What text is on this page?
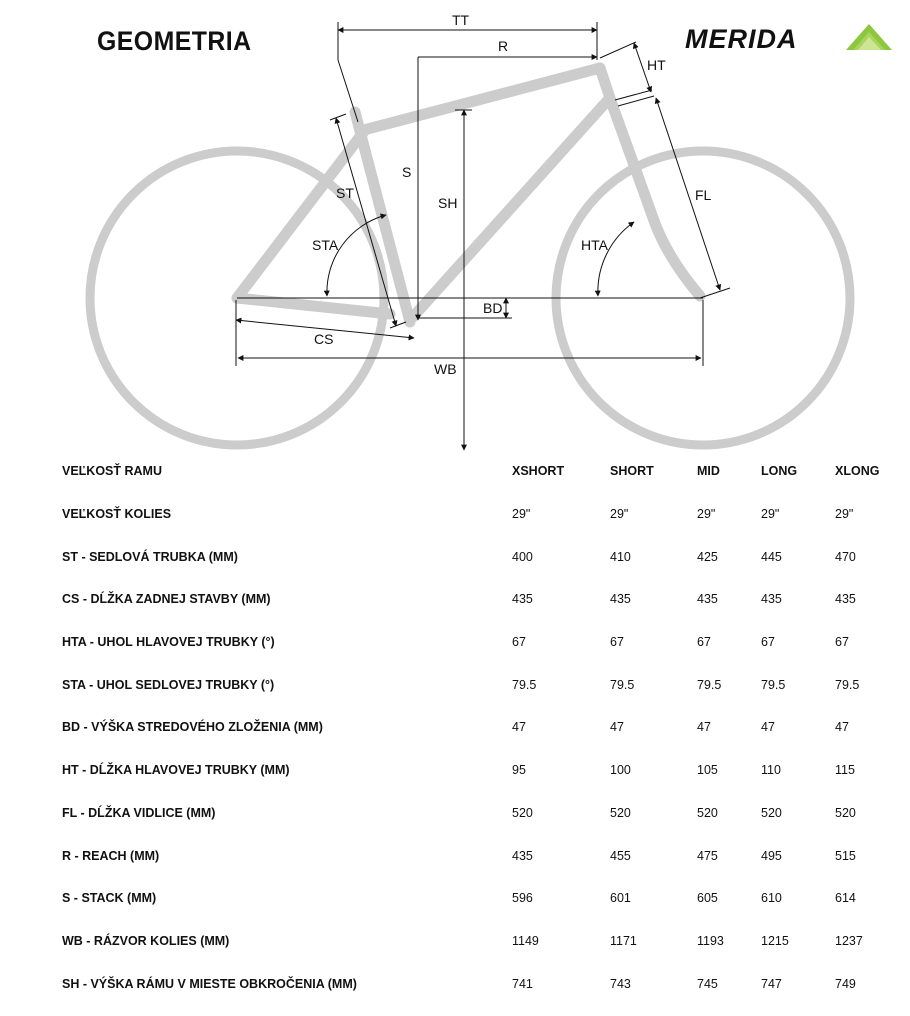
GEOMETRIA	MERIDA
TT
R
HT
S
SH
ST
STA	HTA
FL
BD
CS
WB
VEĽKOSŤ RAMU	XSHORT	SHORT	MID	LONG	XLONG
VEĽKOSŤ KOLIES	29"	29"	29"	29"	29"
ST - SEDLOVÁ TRUBKA (MM)	400	410	425	445	470
CS - DĹŽKA ZADNEJ STAVBY (MM)	435	435	435	435	435
HTA - UHOL HLAVOVEJ TRUBKY (°)	67	67	67	67	67
STA - UHOL SEDLOVEJ TRUBKY (°)	79.5	79.5	79.5	79.5	79.5
BD - VÝŠKA STREDOVÉHO ZLOŽENIA (MM)	47	47	47	47	47
HT - DĹŽKA HLAVOVEJ TRUBKY (MM)	95	100	105	110	115
FL - DĹŽKA VIDLICE (MM)	520	520	520	520	520
R - REACH (MM)	435	455	475	495	515
S - STACK (MM)	596	601	605	610	614
WB - RÁZVOR KOLIES (MM)	1149	1171	1193	1215	1237
SH - VÝŠKA RÁMU V MIESTE OBKROČENIA (MM)	741	743	745	747	749
